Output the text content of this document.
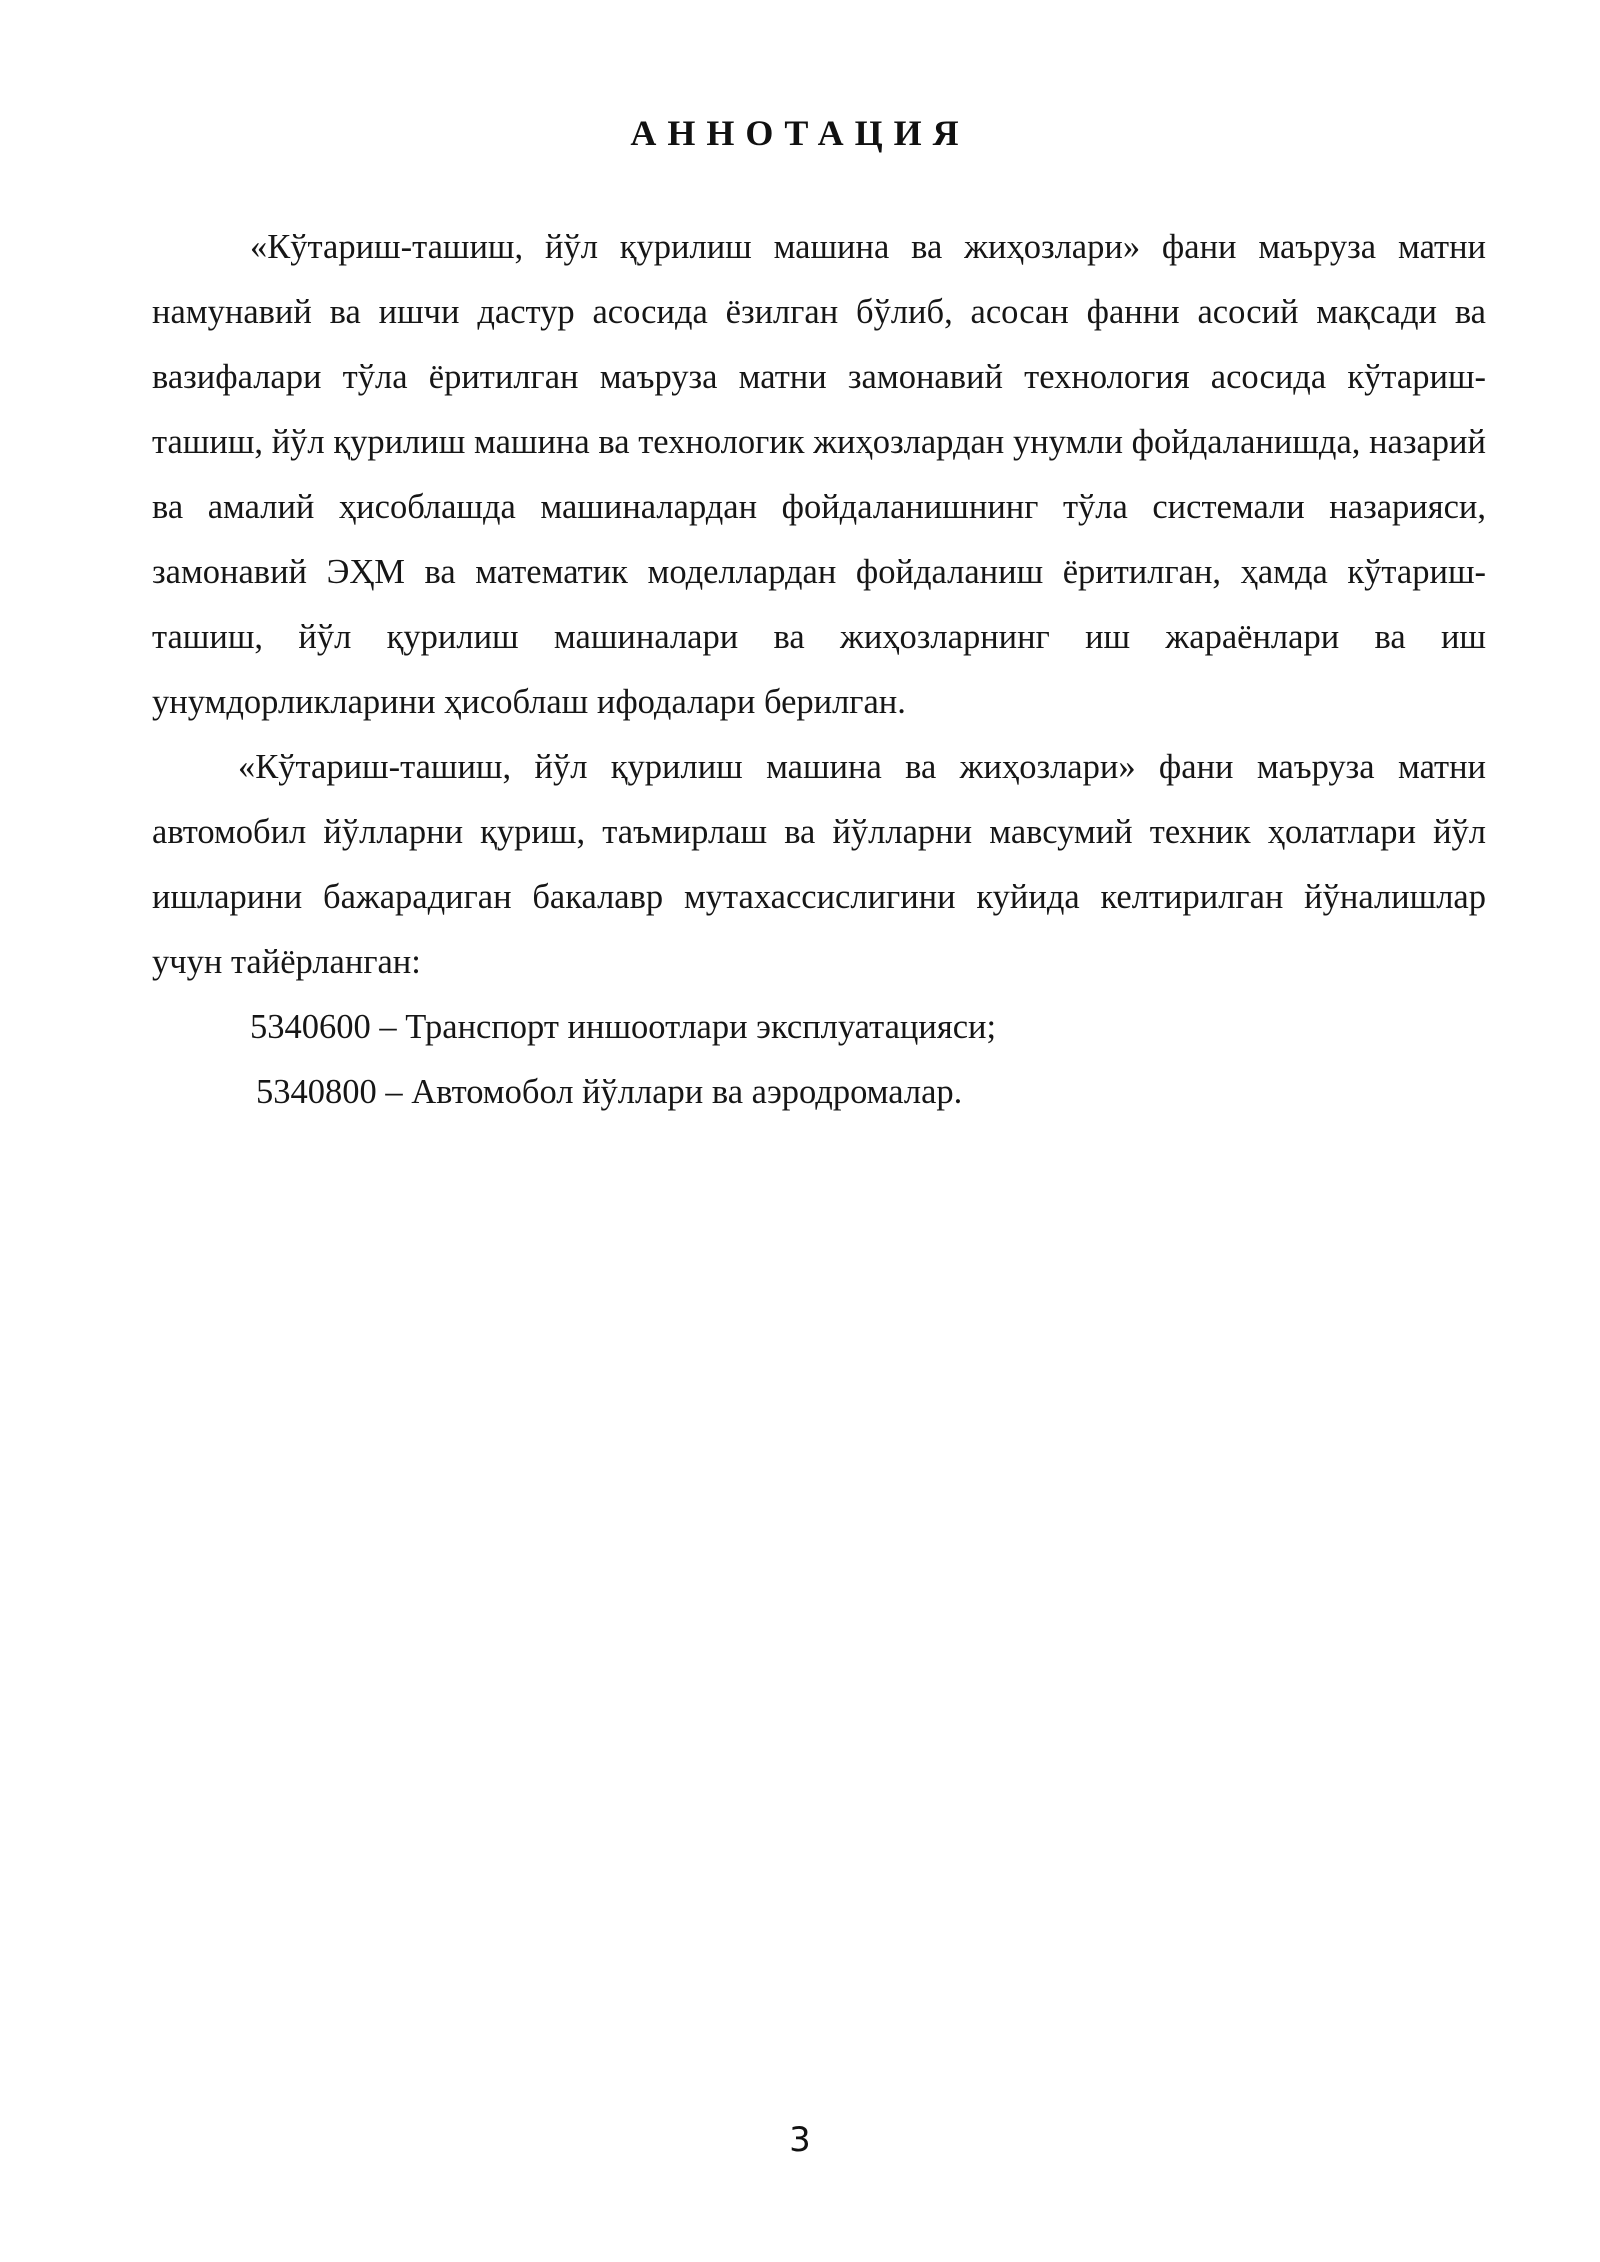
АННОТАЦИЯ

«Кўтариш-ташиш, йўл қурилиш машина ва жиҳозлари» фани маъруза матни намунавий ва ишчи дастур асосида ёзилган бўлиб, асосан фанни асосий мақсади ва вазифалари тўла ёритилган маъруза матни замонавий технология асосида кўтариш-ташиш, йўл қурилиш машина ва технологик жиҳозлардан унумли фойдаланишда, назарий ва амалий ҳисоблашда машиналардан фойдаланишнинг тўла системали назарияси, замонавий ЭҲМ ва математик моделлардан фойдаланиш ёритилган, ҳамда кўтариш-ташиш, йўл қурилиш машиналари ва жиҳозларнинг иш жараёнлари ва иш унумдорликларини ҳисоблаш ифодалари берилган.

«Кўтариш-ташиш, йўл қурилиш машина ва жиҳозлари» фани маъруза матни автомобил йўлларни қуриш, таъмирлаш ва йўлларни мавсумий техник ҳолатлари йўл ишларини бажарадиган бакалавр мутахассислигини куйида келтирилган йўналишлар учун тайёрланган:

5340600 – Транспорт иншоотлари эксплуатацияси;

5340800 – Автомобол йўллари ва аэродромалар.

3
